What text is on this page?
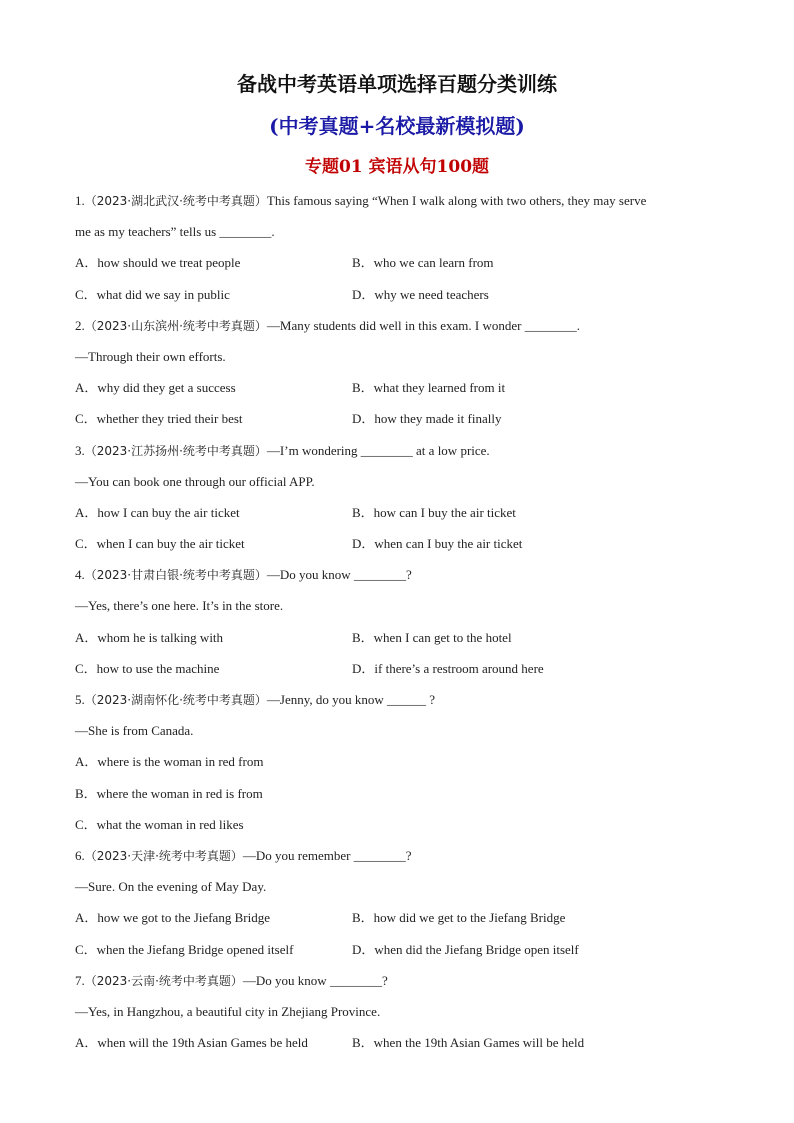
备战中考英语单项选择百题分类训练
(中考真题+名校最新模拟题)
专题01 宾语从句100题
1.（2023·湖北武汉·统考中考真题）This famous saying “When I walk along with two others, they may serve
me as my teachers” tells us ________.
A．how should we treat people	B．who we can learn from
C．what did we say in public	D．why we need teachers
2.（2023·山东滨州·统考中考真题）—Many students did well in this exam. I wonder ________.
—Through their own efforts.
A．why did they get a success	B．what they learned from it
C．whether they tried their best	D．how they made it finally
3.（2023·江苏扬州·统考中考真题）—I’m wondering ________ at a low price.
—You can book one through our official APP.
A．how I can buy the air ticket	B．how can I buy the air ticket
C．when I can buy the air ticket	D．when can I buy the air ticket
4.（2023·甘肃白银·统考中考真题）—Do you know ________?
—Yes, there’s one here. It’s in the store.
A．whom he is talking with	B．when I can get to the hotel
C．how to use the machine	D．if there’s a restroom around here
5.（2023·湖南怀化·统考中考真题）—Jenny, do you know ______ ?
—She is from Canada.
A．where is the woman in red from
B．where the woman in red is from
C．what the woman in red likes
6.（2023·天津·统考中考真题）—Do you remember ________?
—Sure. On the evening of May Day.
A．how we got to the Jiefang Bridge	B．how did we get to the Jiefang Bridge
C．when the Jiefang Bridge opened itself	D．when did the Jiefang Bridge open itself
7.（2023·云南·统考中考真题）—Do you know ________?
—Yes, in Hangzhou, a beautiful city in Zhejiang Province.
A．when will the 19th Asian Games be held	B．when the 19th Asian Games will be held
